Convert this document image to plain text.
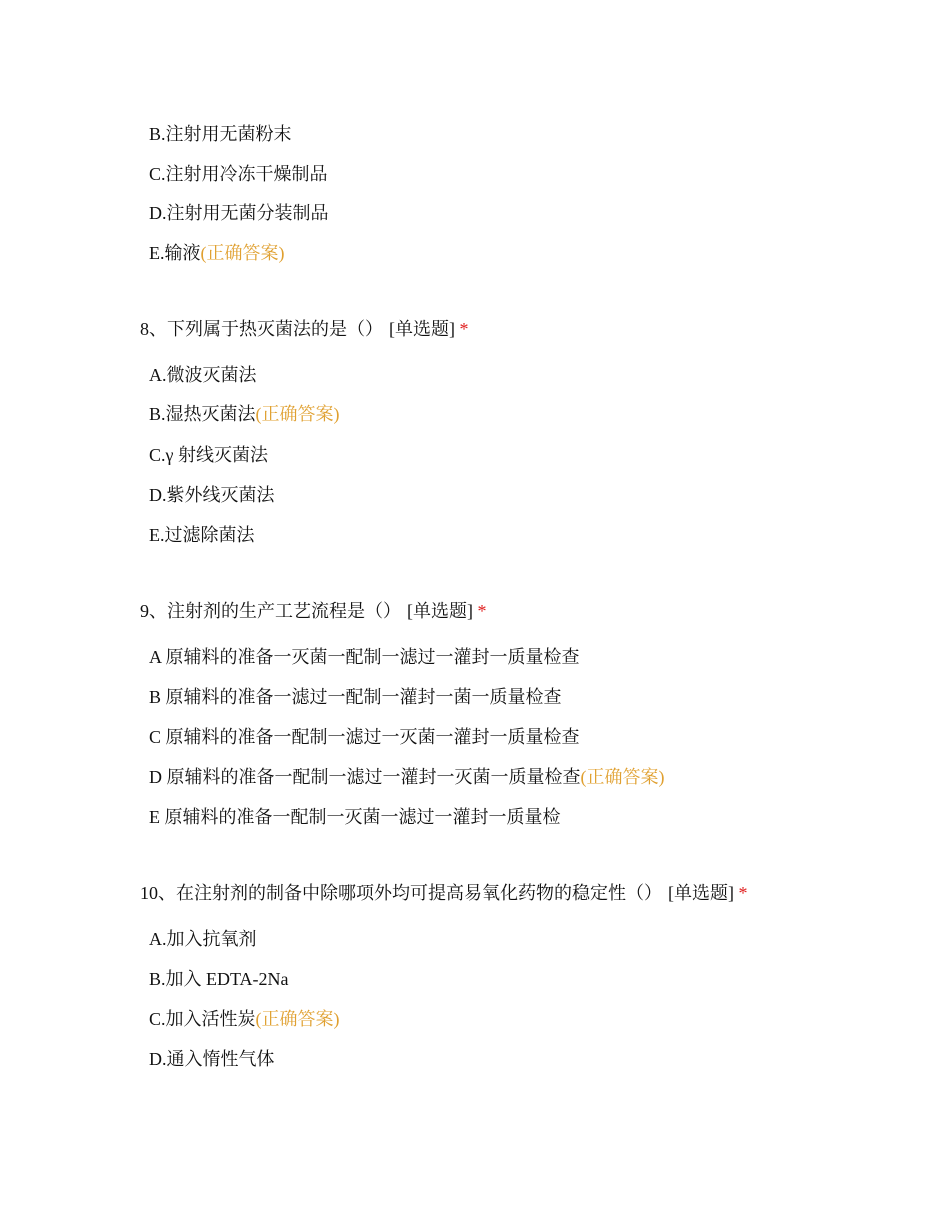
B.注射用无菌粉末
C.注射用冷冻干燥制品
D.注射用无菌分装制品
E.输液(正确答案)
8、下列属于热灭菌法的是（） [单选题] *
A.微波灭菌法
B.湿热灭菌法(正确答案)
C.γ 射线灭菌法
D.紫外线灭菌法
E.过滤除菌法
9、注射剂的生产工艺流程是（） [单选题] *
A 原辅料的准备一灭菌一配制一滤过一灌封一质量检查
B 原辅料的准备一滤过一配制一灌封一菌一质量检查
C 原辅料的准备一配制一滤过一灭菌一灌封一质量检查
D 原辅料的准备一配制一滤过一灌封一灭菌一质量检查(正确答案)
E 原辅料的准备一配制一灭菌一滤过一灌封一质量检
10、在注射剂的制备中除哪项外均可提高易氧化药物的稳定性（） [单选题] *
A.加入抗氧剂
B.加入 EDTA-2Na
C.加入活性炭(正确答案)
D.通入惰性气体
